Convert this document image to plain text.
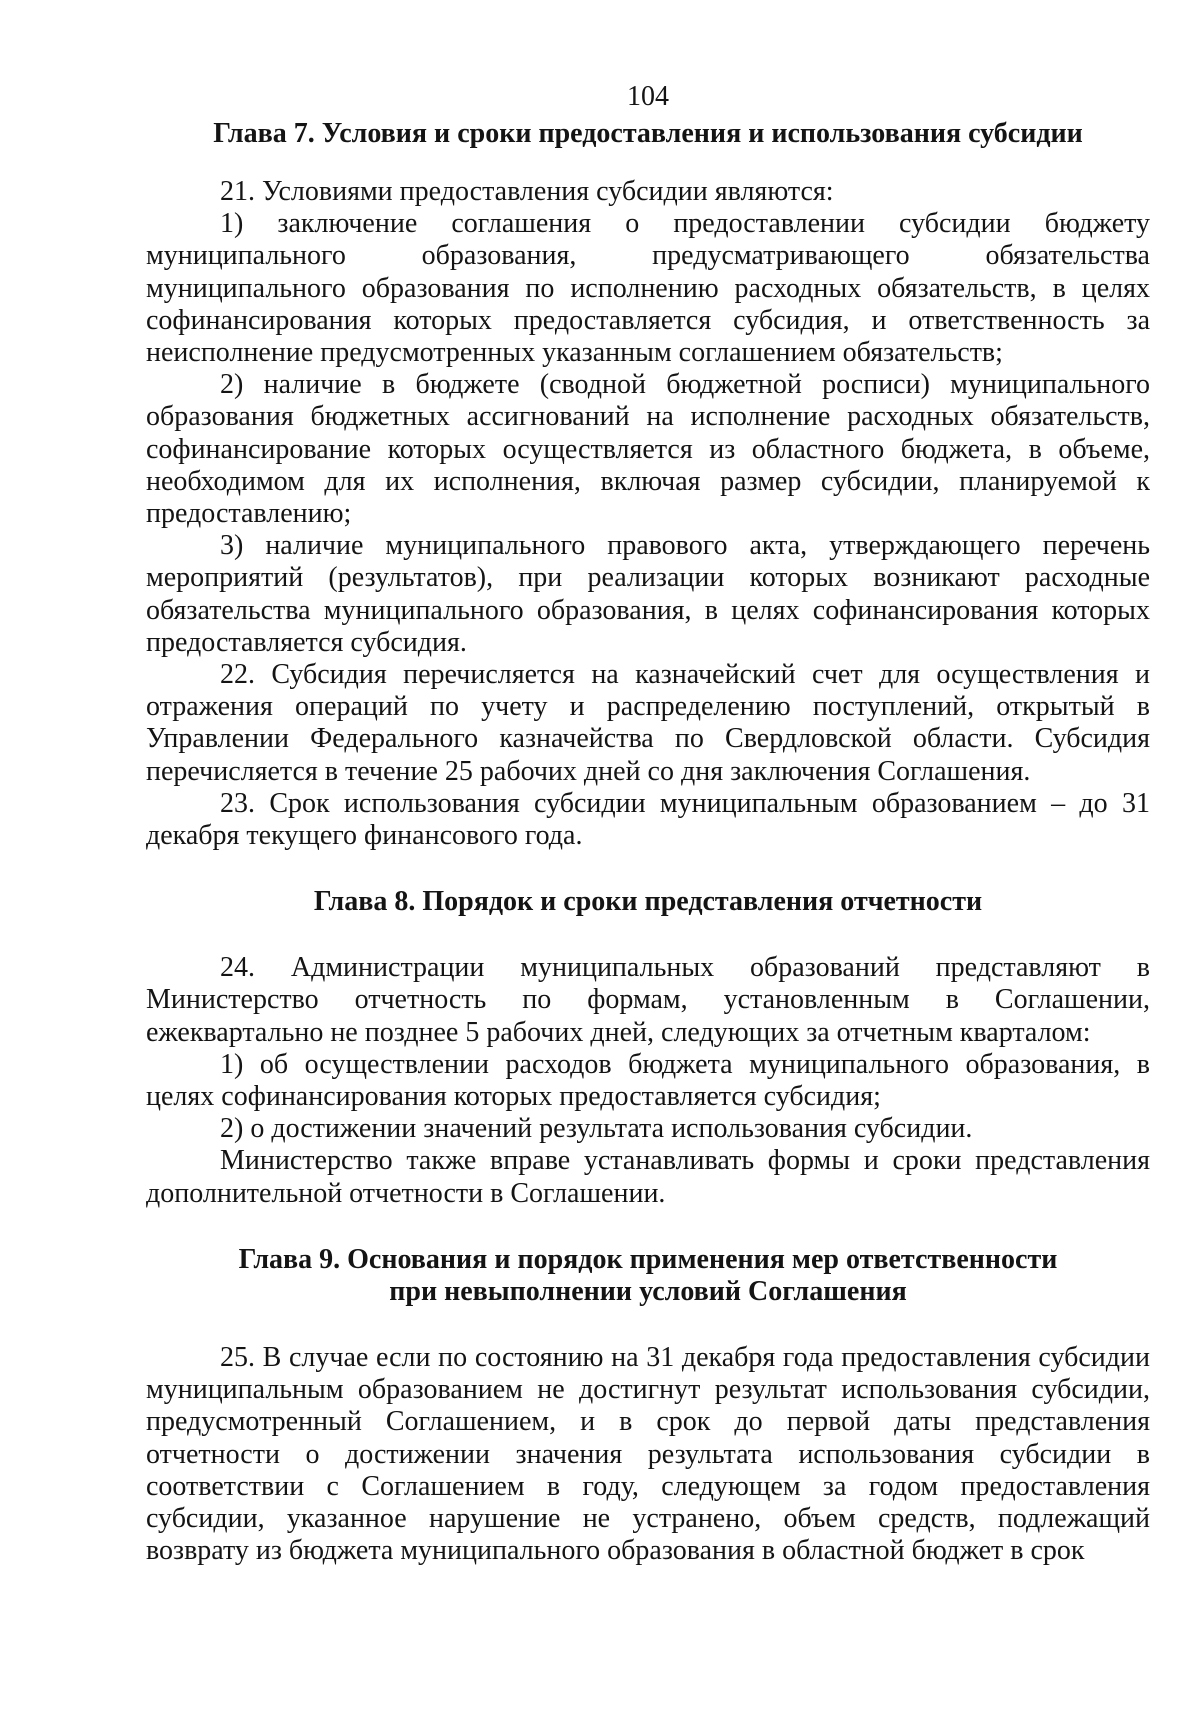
104
Глава 7. Условия и сроки предоставления и использования субсидии

21. Условиями предоставления субсидии являются:

1) заключение соглашения о предоставлении субсидии бюджету муниципального образования, предусматривающего обязательства муниципального образования по исполнению расходных обязательств, в целях софинансирования которых предоставляется субсидия, и ответственность за неисполнение предусмотренных указанным соглашением обязательств;

2) наличие в бюджете (сводной бюджетной росписи) муниципального образования бюджетных ассигнований на исполнение расходных обязательств, софинансирование которых осуществляется из областного бюджета, в объеме, необходимом для их исполнения, включая размер субсидии, планируемой к предоставлению;

3) наличие муниципального правового акта, утверждающего перечень мероприятий (результатов), при реализации которых возникают расходные обязательства муниципального образования, в целях софинансирования которых предоставляется субсидия.

22. Субсидия перечисляется на казначейский счет для осуществления и отражения операций по учету и распределению поступлений, открытый в Управлении Федерального казначейства по Свердловской области. Субсидия перечисляется в течение 25 рабочих дней со дня заключения Соглашения.

23. Срок использования субсидии муниципальным образованием – до 31 декабря текущего финансового года.

Глава 8. Порядок и сроки представления отчетности

24. Администрации муниципальных образований представляют в Министерство отчетность по формам, установленным в Соглашении, ежеквартально не позднее 5 рабочих дней, следующих за отчетным кварталом:

1) об осуществлении расходов бюджета муниципального образования, в целях софинансирования которых предоставляется субсидия;

2) о достижении значений результата использования субсидии.

Министерство также вправе устанавливать формы и сроки представления дополнительной отчетности в Соглашении.

Глава 9. Основания и порядок применения мер ответственности
при невыполнении условий Соглашения

25. В случае если по состоянию на 31 декабря года предоставления субсидии муниципальным образованием не достигнут результат использования субсидии, предусмотренный Соглашением, и в срок до первой даты представления отчетности о достижении значения результата использования субсидии в соответствии с Соглашением в году, следующем за годом предоставления субсидии, указанное нарушение не устранено, объем средств, подлежащий возврату из бюджета муниципального образования в областной бюджет в срок
